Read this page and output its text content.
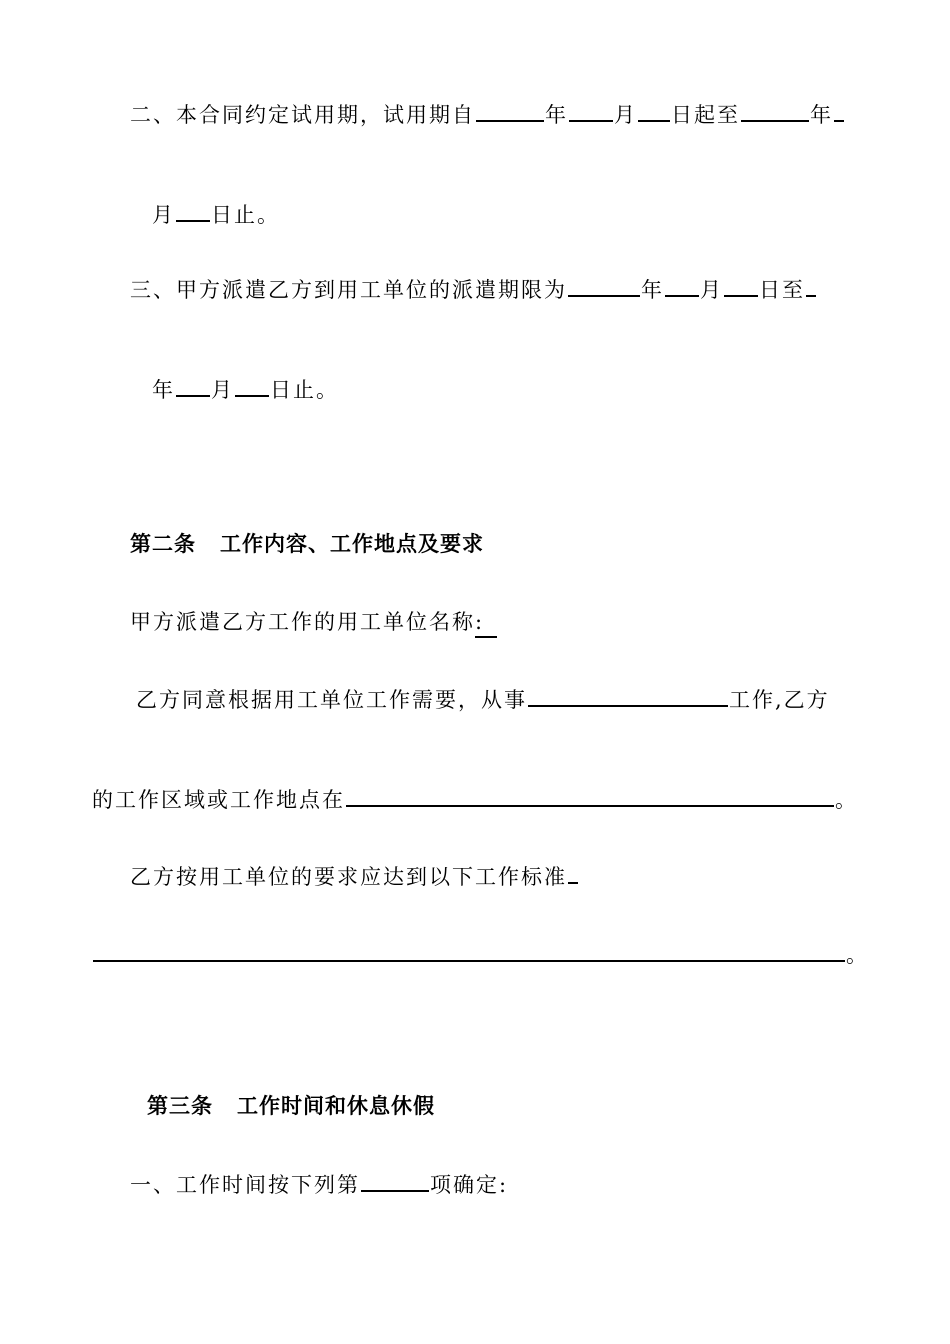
二、本合同约定试用期，试用期自	年 月 日起至	年
月 日止。
三、甲方派遣乙方到用工单位的派遣期限为	年 月 日至
年 月 日止。
第二条 工作内容、工作地点及要求
甲方派遣乙方工作的用工单位名称:
乙方同意根据用工单位工作需要，从事	工作,乙方
的工作区域或工作地点在	。
乙方按用工单位的要求应达到以下工作标准
。
第三条 工作时间和休息休假
一、工作时间按下列第	项确定:
